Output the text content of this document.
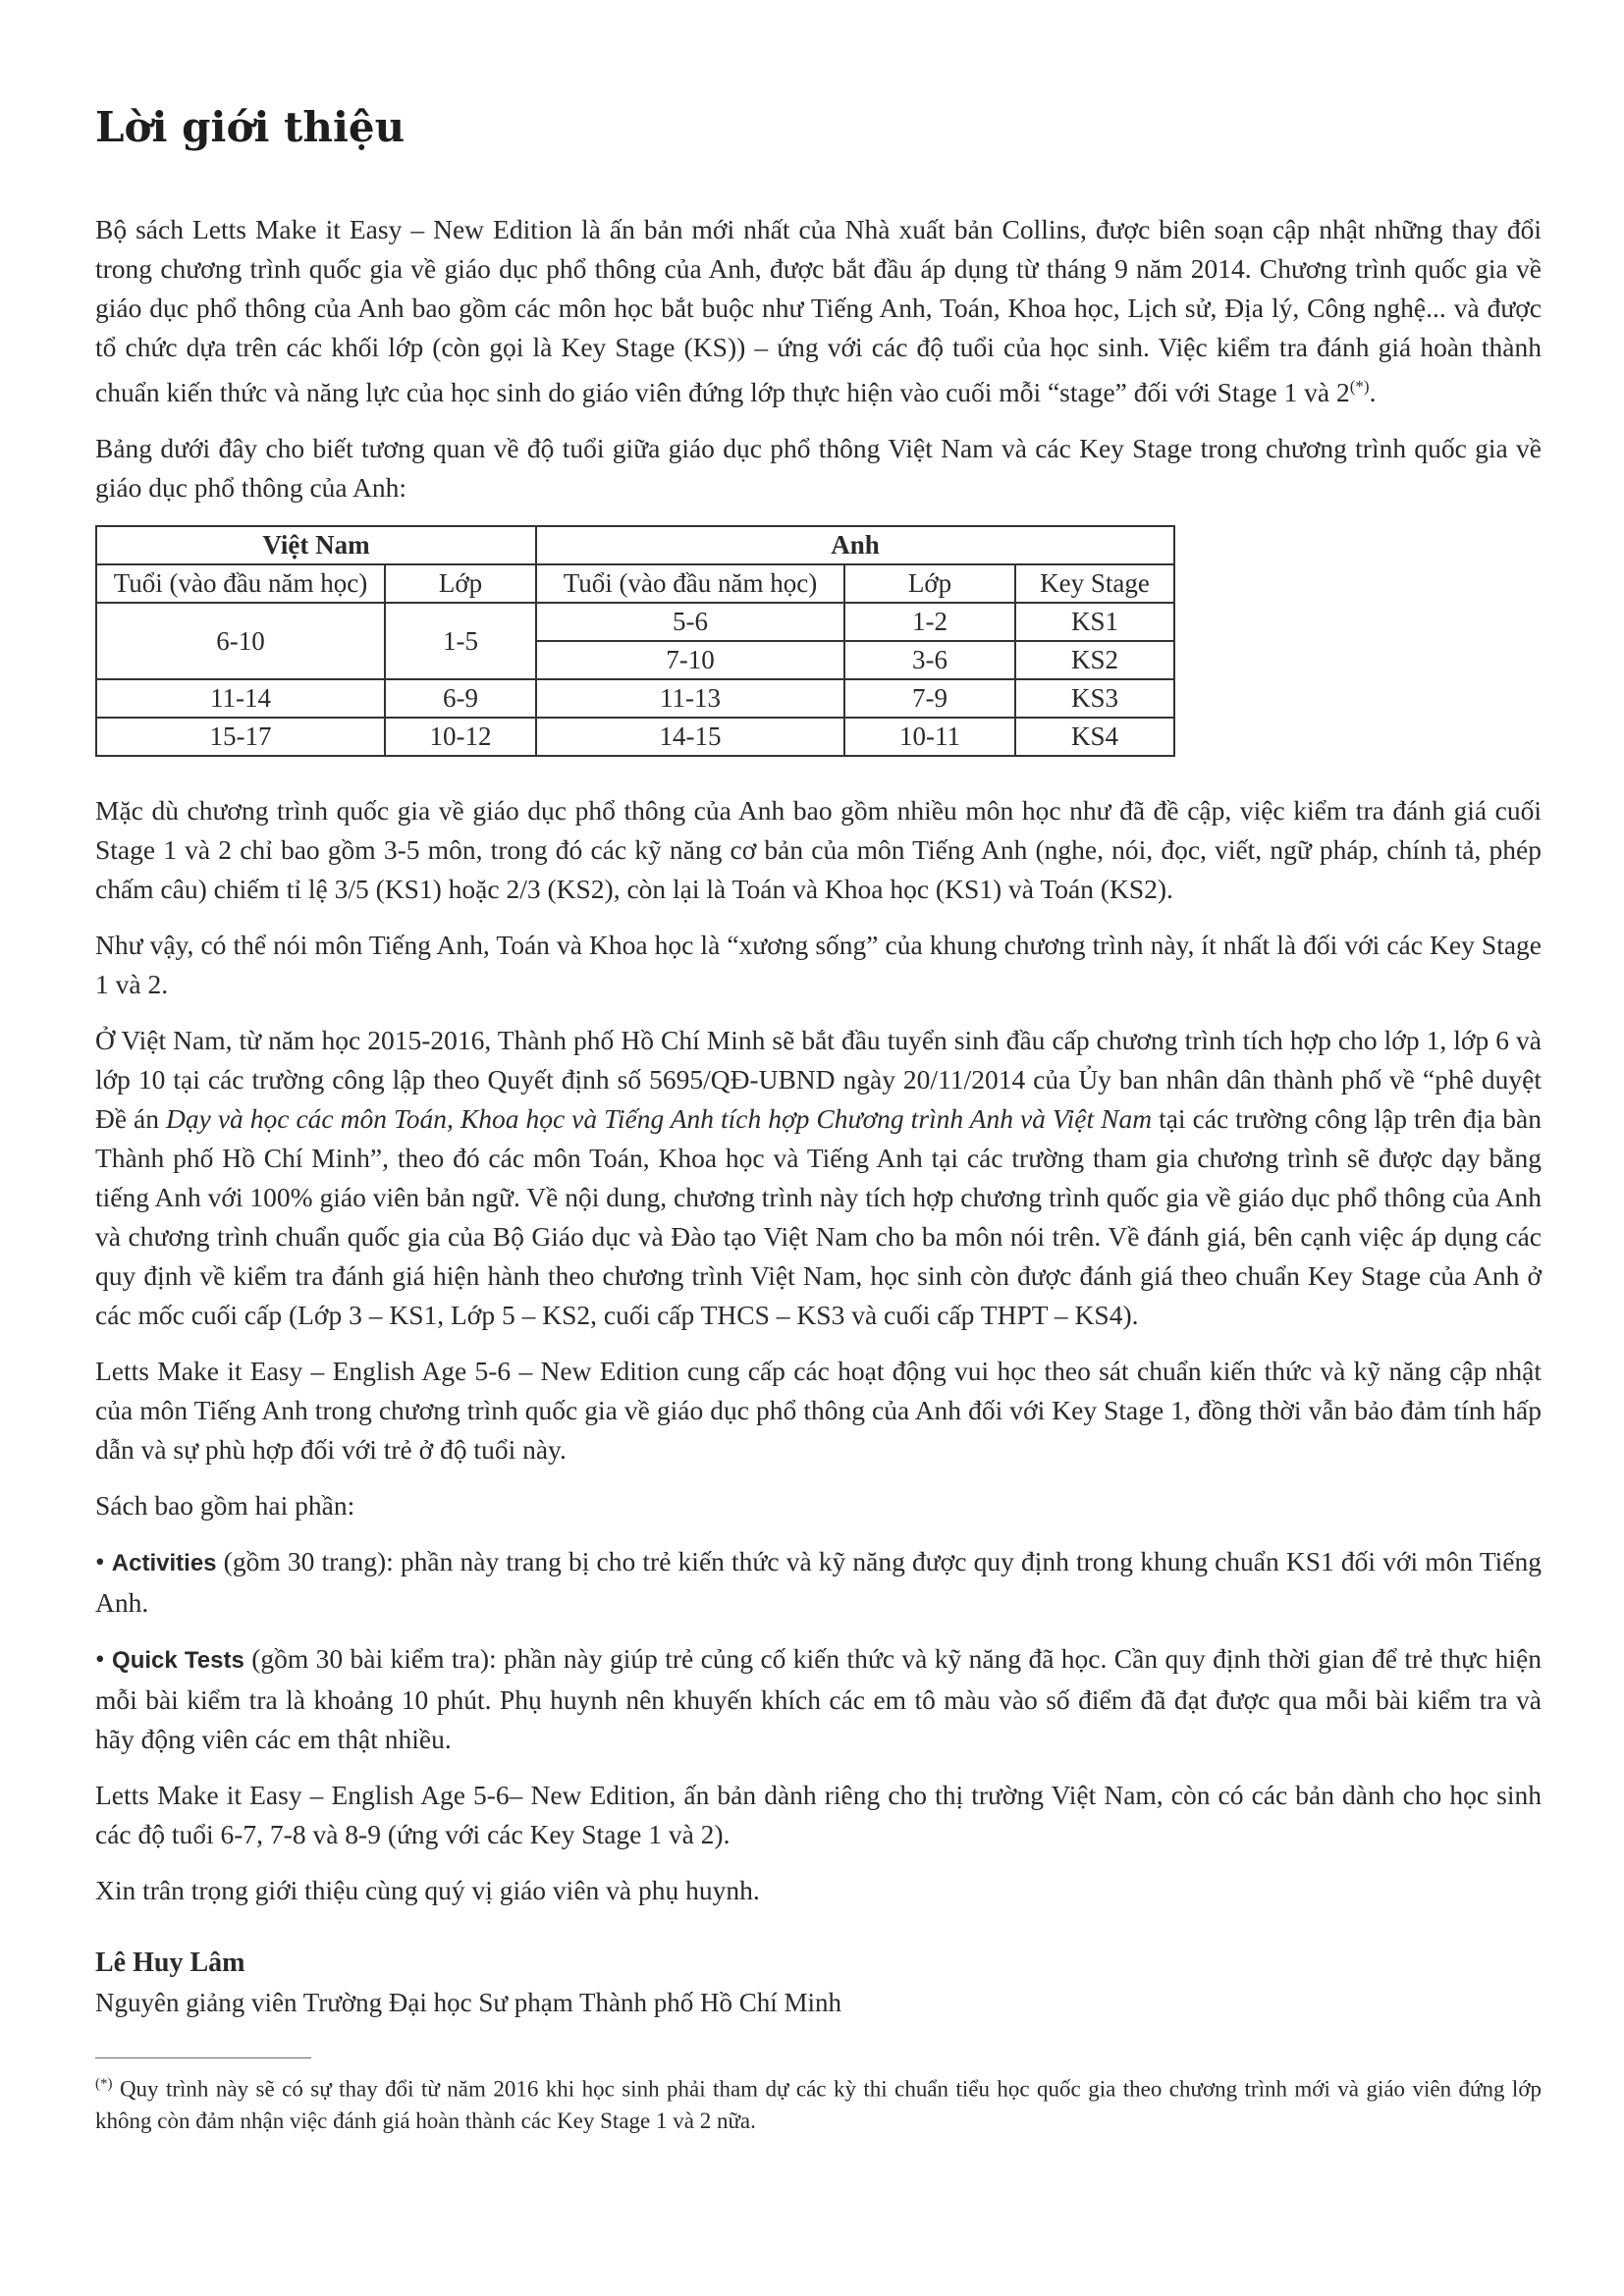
Lời giới thiệu

Bộ sách Letts Make it Easy – New Edition là ấn bản mới nhất của Nhà xuất bản Collins, được biên soạn cập nhật những thay đổi trong chương trình quốc gia về giáo dục phổ thông của Anh, được bắt đầu áp dụng từ tháng 9 năm 2014. Chương trình quốc gia về giáo dục phổ thông của Anh bao gồm các môn học bắt buộc như Tiếng Anh, Toán, Khoa học, Lịch sử, Địa lý, Công nghệ... và được tổ chức dựa trên các khối lớp (còn gọi là Key Stage (KS)) – ứng với các độ tuổi của học sinh. Việc kiểm tra đánh giá hoàn thành chuẩn kiến thức và năng lực của học sinh do giáo viên đứng lớp thực hiện vào cuối mỗi “stage” đối với Stage 1 và 2(*).

Bảng dưới đây cho biết tương quan về độ tuổi giữa giáo dục phổ thông Việt Nam và các Key Stage trong chương trình quốc gia về giáo dục phổ thông của Anh:

Việt Nam		Anh		
Tuổi (vào đầu năm học)	Lớp	Tuổi (vào đầu năm học)	Lớp	Key Stage
6-10	1-5	5-6	1-2	KS1
		7-10	3-6	KS2
11-14	6-9	11-13	7-9	KS3
15-17	10-12	14-15	10-11	KS4

Mặc dù chương trình quốc gia về giáo dục phổ thông của Anh bao gồm nhiều môn học như đã đề cập, việc kiểm tra đánh giá cuối Stage 1 và 2 chỉ bao gồm 3-5 môn, trong đó các kỹ năng cơ bản của môn Tiếng Anh (nghe, nói, đọc, viết, ngữ pháp, chính tả, phép chấm câu) chiếm tỉ lệ 3/5 (KS1) hoặc 2/3 (KS2), còn lại là Toán và Khoa học (KS1) và Toán (KS2).

Như vậy, có thể nói môn Tiếng Anh, Toán và Khoa học là “xương sống” của khung chương trình này, ít nhất là đối với các Key Stage 1 và 2.

Ở Việt Nam, từ năm học 2015-2016, Thành phố Hồ Chí Minh sẽ bắt đầu tuyển sinh đầu cấp chương trình tích hợp cho lớp 1, lớp 6 và lớp 10 tại các trường công lập theo Quyết định số 5695/QĐ-UBND ngày 20/11/2014 của Ủy ban nhân dân thành phố về “phê duyệt Đề án Dạy và học các môn Toán, Khoa học và Tiếng Anh tích hợp Chương trình Anh và Việt Nam tại các trường công lập trên địa bàn Thành phố Hồ Chí Minh”, theo đó các môn Toán, Khoa học và Tiếng Anh tại các trường tham gia chương trình sẽ được dạy bằng tiếng Anh với 100% giáo viên bản ngữ. Về nội dung, chương trình này tích hợp chương trình quốc gia về giáo dục phổ thông của Anh và chương trình chuẩn quốc gia của Bộ Giáo dục và Đào tạo Việt Nam cho ba môn nói trên. Về đánh giá, bên cạnh việc áp dụng các quy định về kiểm tra đánh giá hiện hành theo chương trình Việt Nam, học sinh còn được đánh giá theo chuẩn Key Stage của Anh ở các mốc cuối cấp (Lớp 3 – KS1, Lớp 5 – KS2, cuối cấp THCS – KS3 và cuối cấp THPT – KS4).

Letts Make it Easy – English Age 5-6 – New Edition cung cấp các hoạt động vui học theo sát chuẩn kiến thức và kỹ năng cập nhật của môn Tiếng Anh trong chương trình quốc gia về giáo dục phổ thông của Anh đối với Key Stage 1, đồng thời vẫn bảo đảm tính hấp dẫn và sự phù hợp đối với trẻ ở độ tuổi này.

Sách bao gồm hai phần:

• Activities (gồm 30 trang): phần này trang bị cho trẻ kiến thức và kỹ năng được quy định trong khung chuẩn KS1 đối với môn Tiếng Anh.

• Quick Tests (gồm 30 bài kiểm tra): phần này giúp trẻ củng cố kiến thức và kỹ năng đã học. Cần quy định thời gian để trẻ thực hiện mỗi bài kiểm tra là khoảng 10 phút. Phụ huynh nên khuyến khích các em tô màu vào số điểm đã đạt được qua mỗi bài kiểm tra và hãy động viên các em thật nhiều.

Letts Make it Easy – English Age 5-6– New Edition, ấn bản dành riêng cho thị trường Việt Nam, còn có các bản dành cho học sinh các độ tuổi 6-7, 7-8 và 8-9 (ứng với các Key Stage 1 và 2).

Xin trân trọng giới thiệu cùng quý vị giáo viên và phụ huynh.

Lê Huy Lâm
Nguyên giảng viên Trường Đại học Sư phạm Thành phố Hồ Chí Minh

(*) Quy trình này sẽ có sự thay đổi từ năm 2016 khi học sinh phải tham dự các kỳ thi chuẩn tiểu học quốc gia theo chương trình mới và giáo viên đứng lớp không còn đảm nhận việc đánh giá hoàn thành các Key Stage 1 và 2 nữa.
